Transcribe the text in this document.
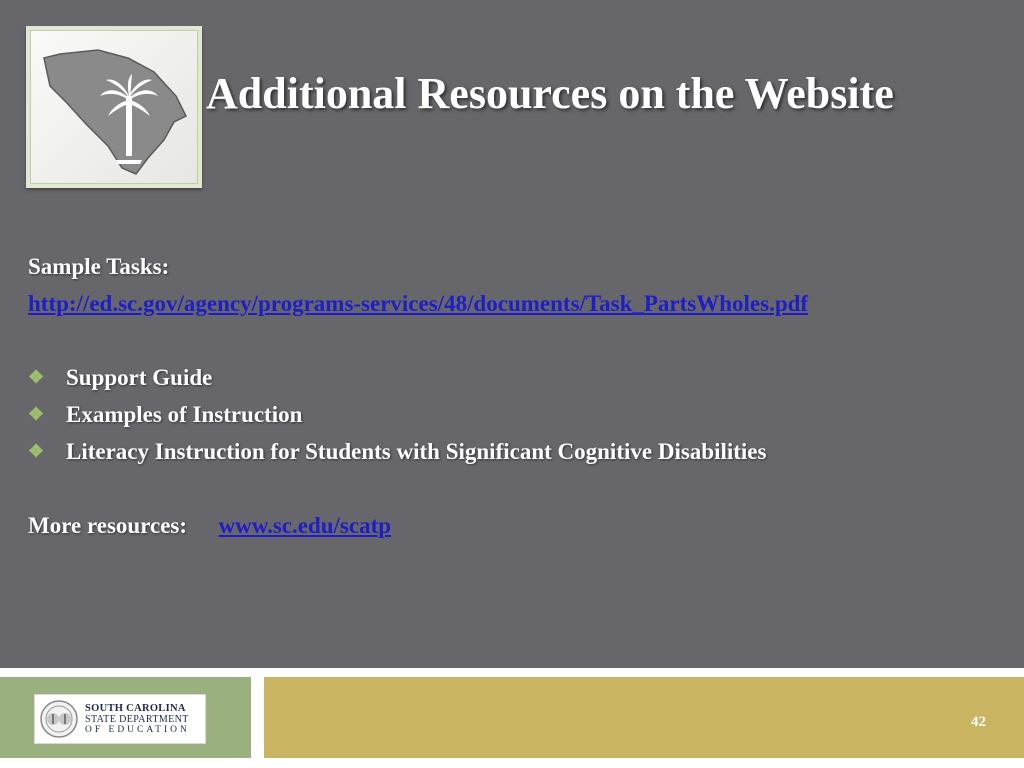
Additional Resources on the Website
Sample Tasks:
http://ed.sc.gov/agency/programs-services/48/documents/Task_PartsWholes.pdf
❖ Support Guide
❖ Examples of Instruction
❖ Literacy Instruction for Students with Significant Cognitive Disabilities
More resources: www.sc.edu/scatp
SOUTH CAROLINA
STATE DEPARTMENT
OF EDUCATION	42
